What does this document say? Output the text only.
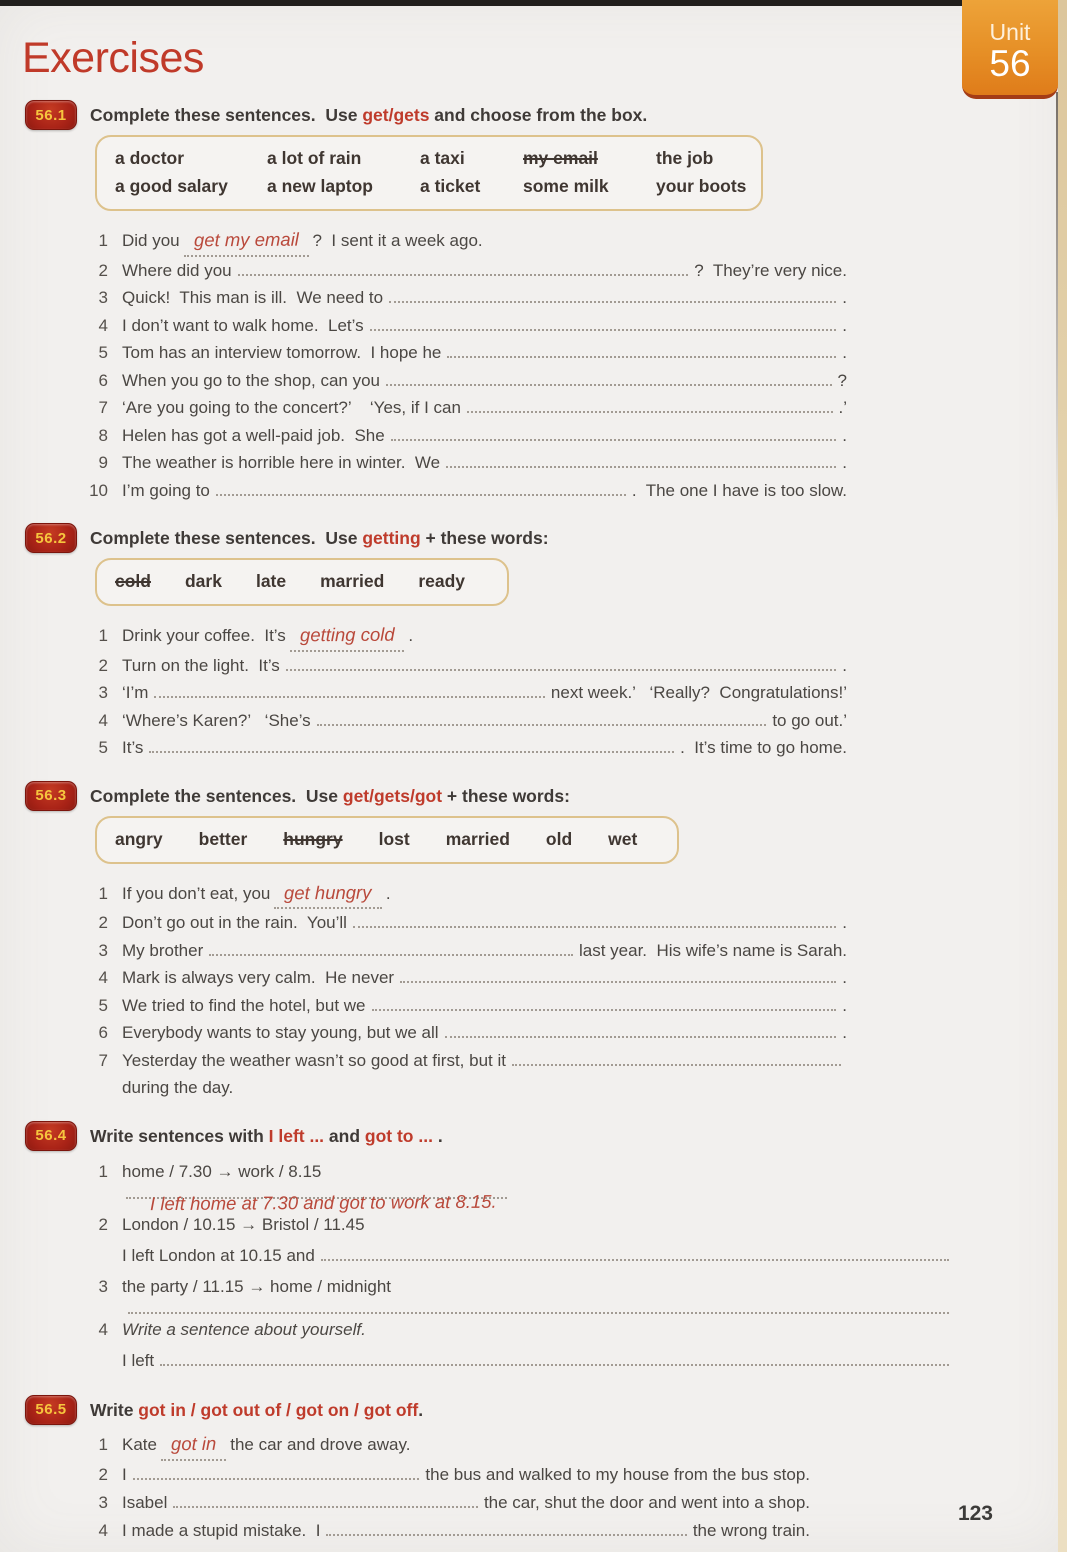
Unit
56
Exercises
56.1	Complete these sentences.  Use get/gets and choose from the box.
a doctor	a lot of rain	a taxi	my email	the job
a good salary	a new laptop	a ticket	some milk	your boots
1 Did you get my email ?  I sent it a week ago.
2 Where did you	?  They’re very nice.
3 Quick!  This man is ill.  We need to	.
4 I don’t want to walk home.  Let’s	.
5 Tom has an interview tomorrow.  I hope he	.
6 When you go to the shop, can you	?
7 ‘Are you going to the concert?’    ‘Yes, if I can	.’
8 Helen has got a well-paid job.  She	.
9 The weather is horrible here in winter.  We	.
10 I’m going to	.  The one I have is too slow.
56.2	Complete these sentences.  Use getting + these words:
cold dark late married ready
1 Drink your coffee.  It’s getting cold .
2 Turn on the light.  It’s	.
3 ‘I’m	next week.’   ‘Really?  Congratulations!’
4 ‘Where’s Karen?’   ‘She’s	to go out.’
5 It’s	.  It’s time to go home.
56.3	Complete the sentences.  Use get/gets/got + these words:
angry better hungry lost married old wet
1 If you don’t eat, you get hungry .
2 Don’t go out in the rain.  You’ll	.
3 My brother	last year.  His wife’s name is Sarah.
4 Mark is always very calm.  He never	.
5 We tried to find the hotel, but we	.
6 Everybody wants to stay young, but we all	.
7 Yesterday the weather wasn’t so good at first, but it
during the day.
56.4	Write sentences with I left ... and got to ... .
1 home / 7.30 → work / 8.15
I left home at 7.30 and got to work at 8.15.
2 London / 10.15 → Bristol / 11.45
I left London at 10.15 and
3 the party / 11.15 → home / midnight
4 Write a sentence about yourself.
I left
56.5	Write got in / got out of / got on / got off.
1 Kate got in the car and drove away.
2 I	the bus and walked to my house from the bus stop.
3 Isabel	the car, shut the door and went into a shop.
4 I made a stupid mistake.  I	the wrong train.
123
